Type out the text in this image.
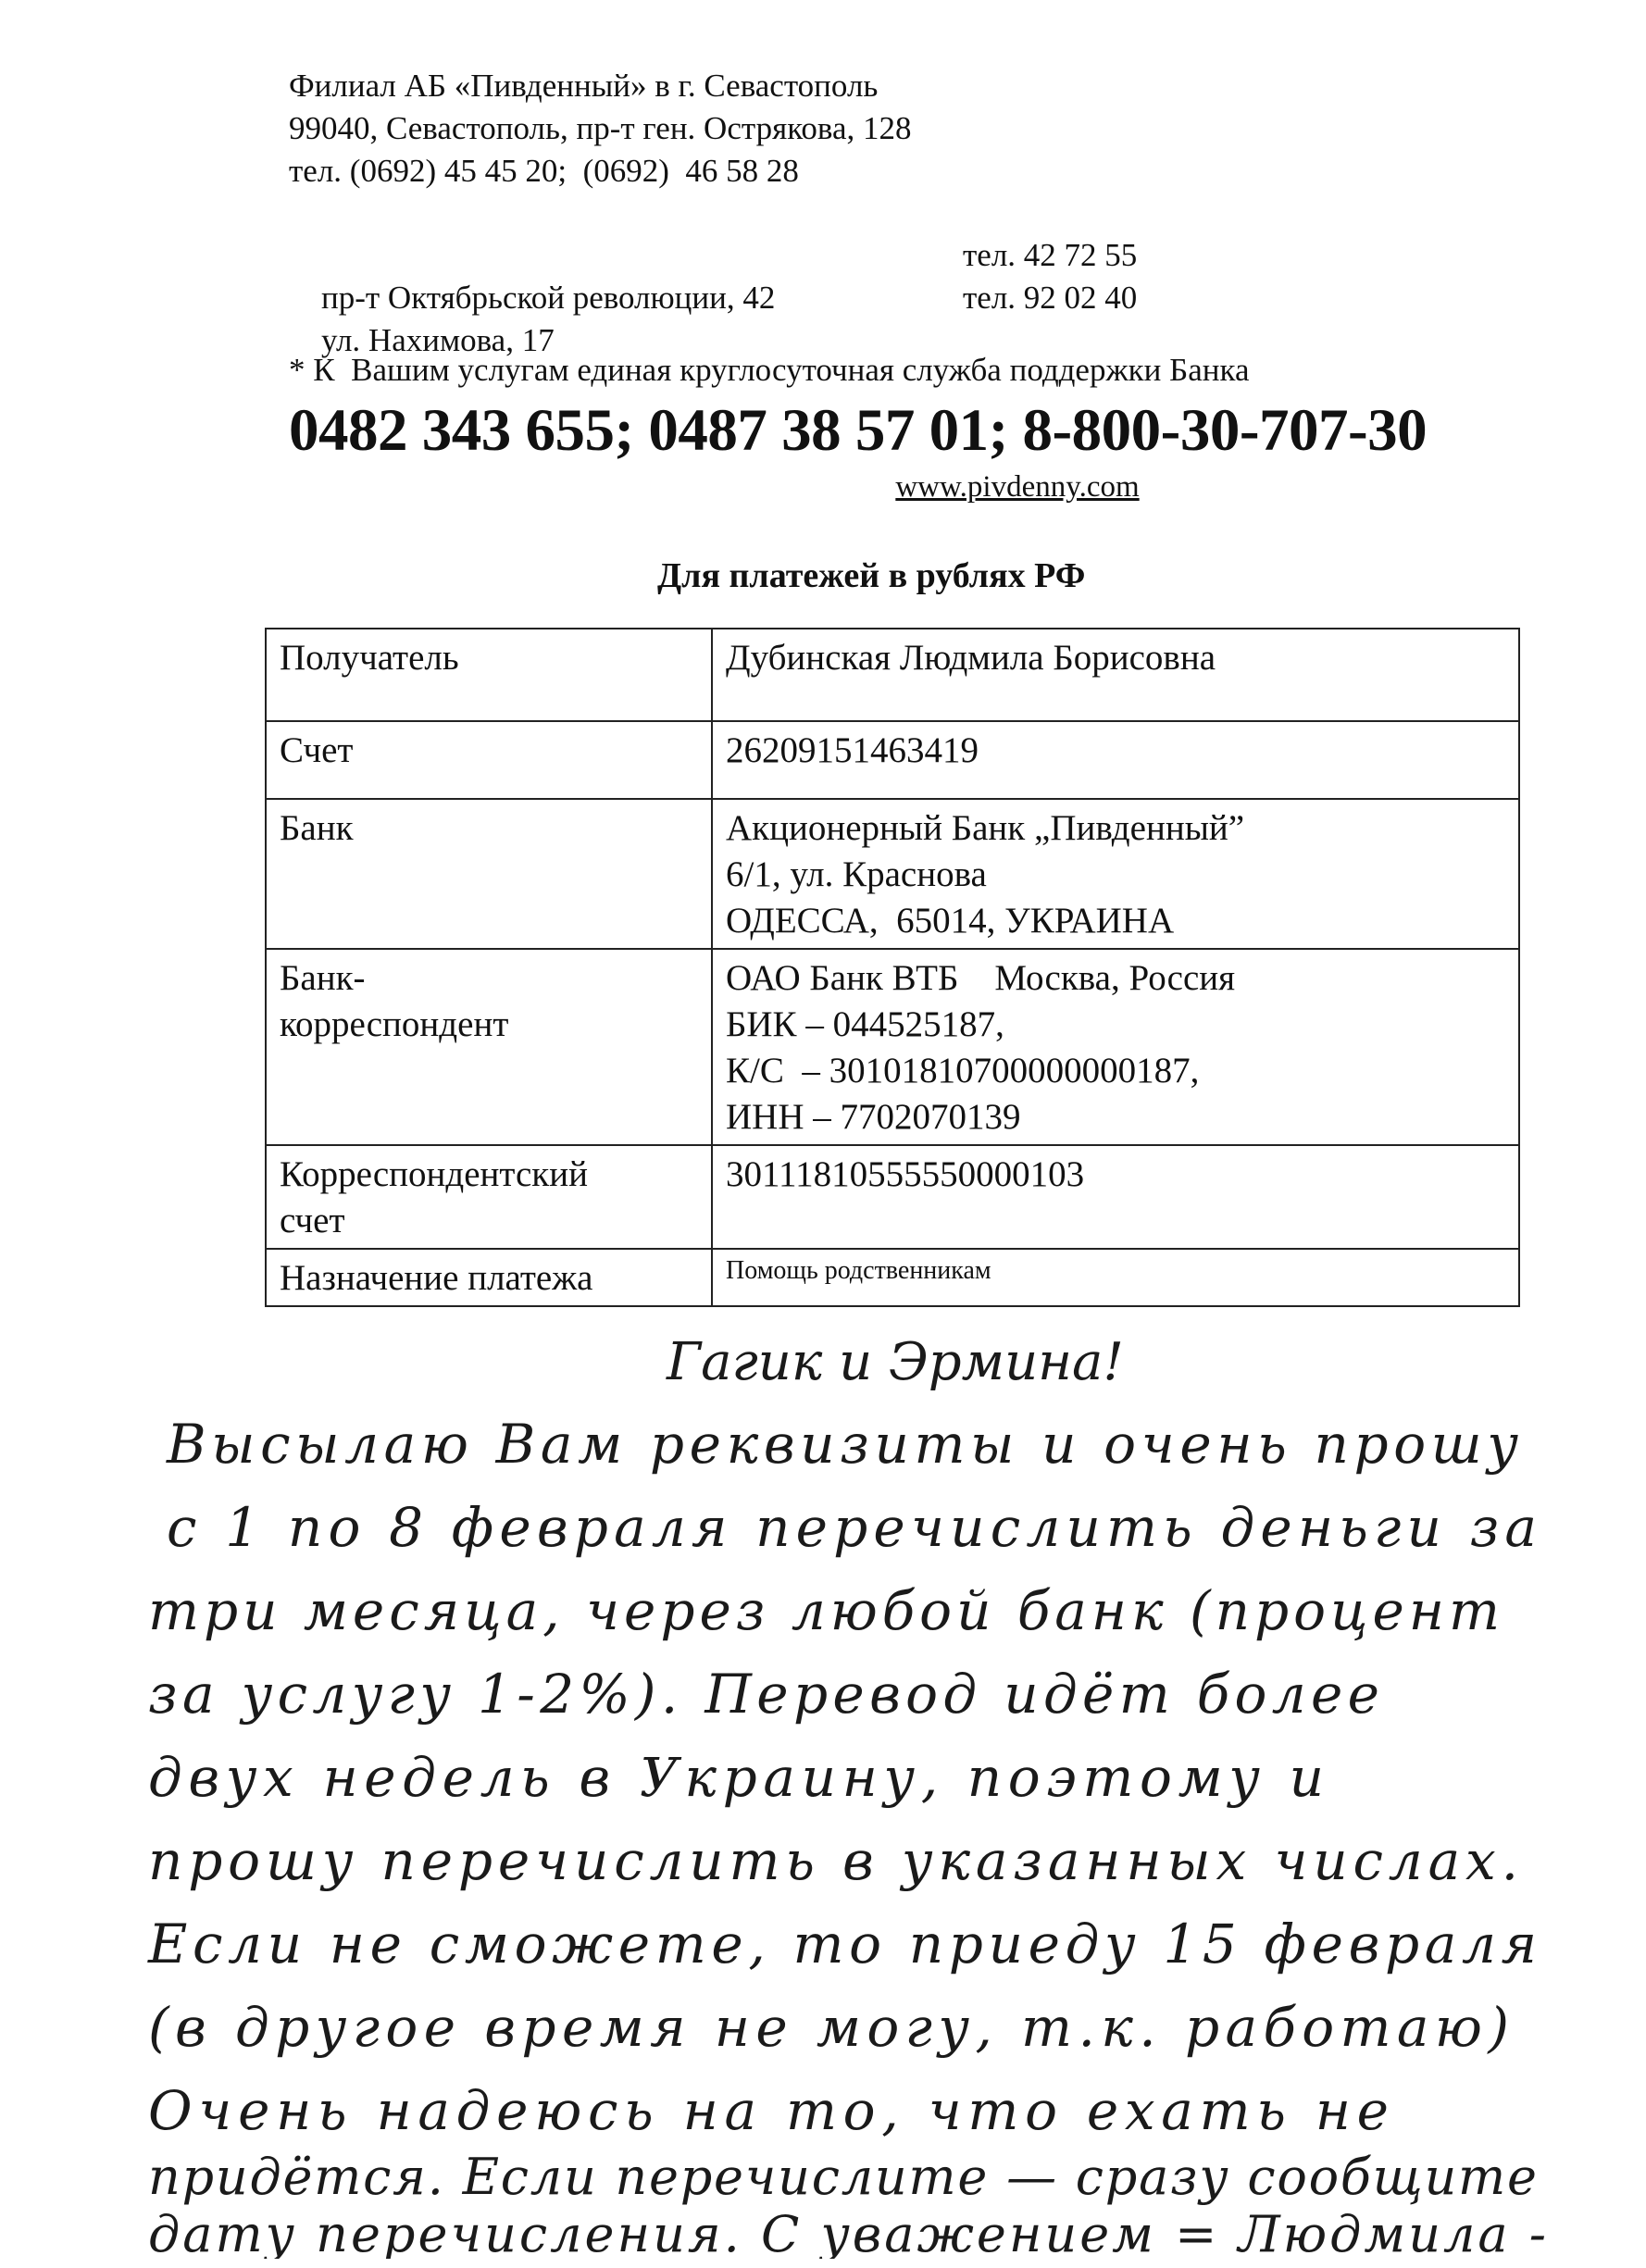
Филиал АБ «Пивденный» в г. Севастополь
99040, Севастополь, пр-т ген. Острякова, 128
тел. (0692) 45 45 20;  (0692)  46 58 28

пр-т Октябрьской революции, 42

тел. 42 72 55

ул. Нахимова, 17

тел. 92 02 40

* К  Вашим услугам единая круглосуточная служба поддержки Банка
0482 343 655; 0487 38 57 01; 8-800-30-707-30
www.pivdenny.com
Для платежей в рублях РФ
Получатель	Дубинская Людмила Борисовна

Счет	26209151463419

Банк	Акционерный Банк „Пивденный”
6/1, ул. Краснова
ОДЕССА,  65014, УКРАИНА

Банк-
корреспондент	ОАО Банк ВТБ    Москва, Россия
БИК – 044525187,
К/С  – 30101810700000000187,
ИНН – 7702070139

Корреспондентский
счет	30111810555550000103

Назначение платежа	Помощь родственникам
Гагик и Эрмина!
Высылаю Вам реквизиты и очень прошу
с 1 по 8 февраля перечислить деньги за
три месяца, через любой банк (процент
за услугу 1-2%). Перевод идёт более
двух недель в Украину, поэтому и
прошу перечислить в указанных числах.
Если не сможете, то приеду 15 февраля
(в другое время не могу, т.к. работаю)
Очень надеюсь на то, что ехать не
придётся. Если перечислите — сразу сообщите
дату перечисления. С уважением = Людмила -
